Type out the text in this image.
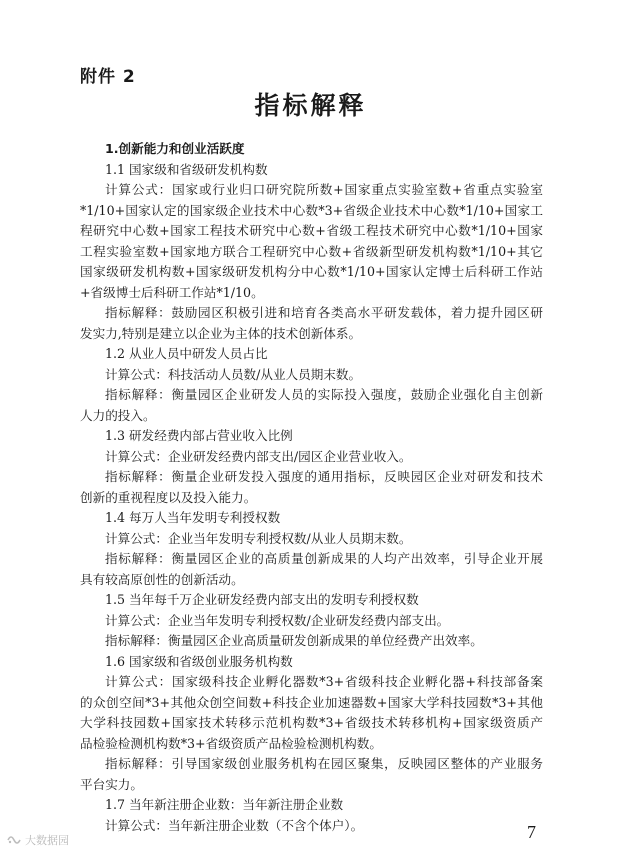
附件 2
指标解释
1.创新能力和创业活跃度
1.1 国家级和省级研发机构数
计算公式：国家或行业归口研究院所数+国家重点实验室数+省重点实验室
*1/10+国家认定的国家级企业技术中心数*3+省级企业技术中心数*1/10+国家工
程研究中心数+国家工程技术研究中心数+省级工程技术研究中心数*1/10+国家
工程实验室数+国家地方联合工程研究中心数+省级新型研发机构数*1/10+其它
国家级研发机构数+国家级研发机构分中心数*1/10+国家认定博士后科研工作站
+省级博士后科研工作站*1/10。
指标解释：鼓励园区积极引进和培育各类高水平研发载体，着力提升园区研
发实力,特别是建立以企业为主体的技术创新体系。
1.2 从业人员中研发人员占比
计算公式：科技活动人员数/从业人员期末数。
指标解释：衡量园区企业研发人员的实际投入强度，鼓励企业强化自主创新
人力的投入。
1.3 研发经费内部占营业收入比例
计算公式：企业研发经费内部支出/园区企业营业收入。
指标解释：衡量企业研发投入强度的通用指标，反映园区企业对研发和技术
创新的重视程度以及投入能力。
1.4 每万人当年发明专利授权数
计算公式：企业当年发明专利授权数/从业人员期末数。
指标解释：衡量园区企业的高质量创新成果的人均产出效率，引导企业开展
具有较高原创性的创新活动。
1.5 当年每千万企业研发经费内部支出的发明专利授权数
计算公式：企业当年发明专利授权数/企业研发经费内部支出。
指标解释：衡量园区企业高质量研发创新成果的单位经费产出效率。
1.6 国家级和省级创业服务机构数
计算公式：国家级科技企业孵化器数*3+省级科技企业孵化器+科技部备案
的众创空间*3+其他众创空间数+科技企业加速器数+国家大学科技园数*3+其他
大学科技园数+国家技术转移示范机构数*3+省级技术转移机构+国家级资质产
品检验检测机构数*3+省级资质产品检验检测机构数。
指标解释：引导国家级创业服务机构在园区聚集，反映园区整体的产业服务
平台实力。
1.7 当年新注册企业数：当年新注册企业数
计算公式：当年新注册企业数（不含个体户）。	7
大数据园
